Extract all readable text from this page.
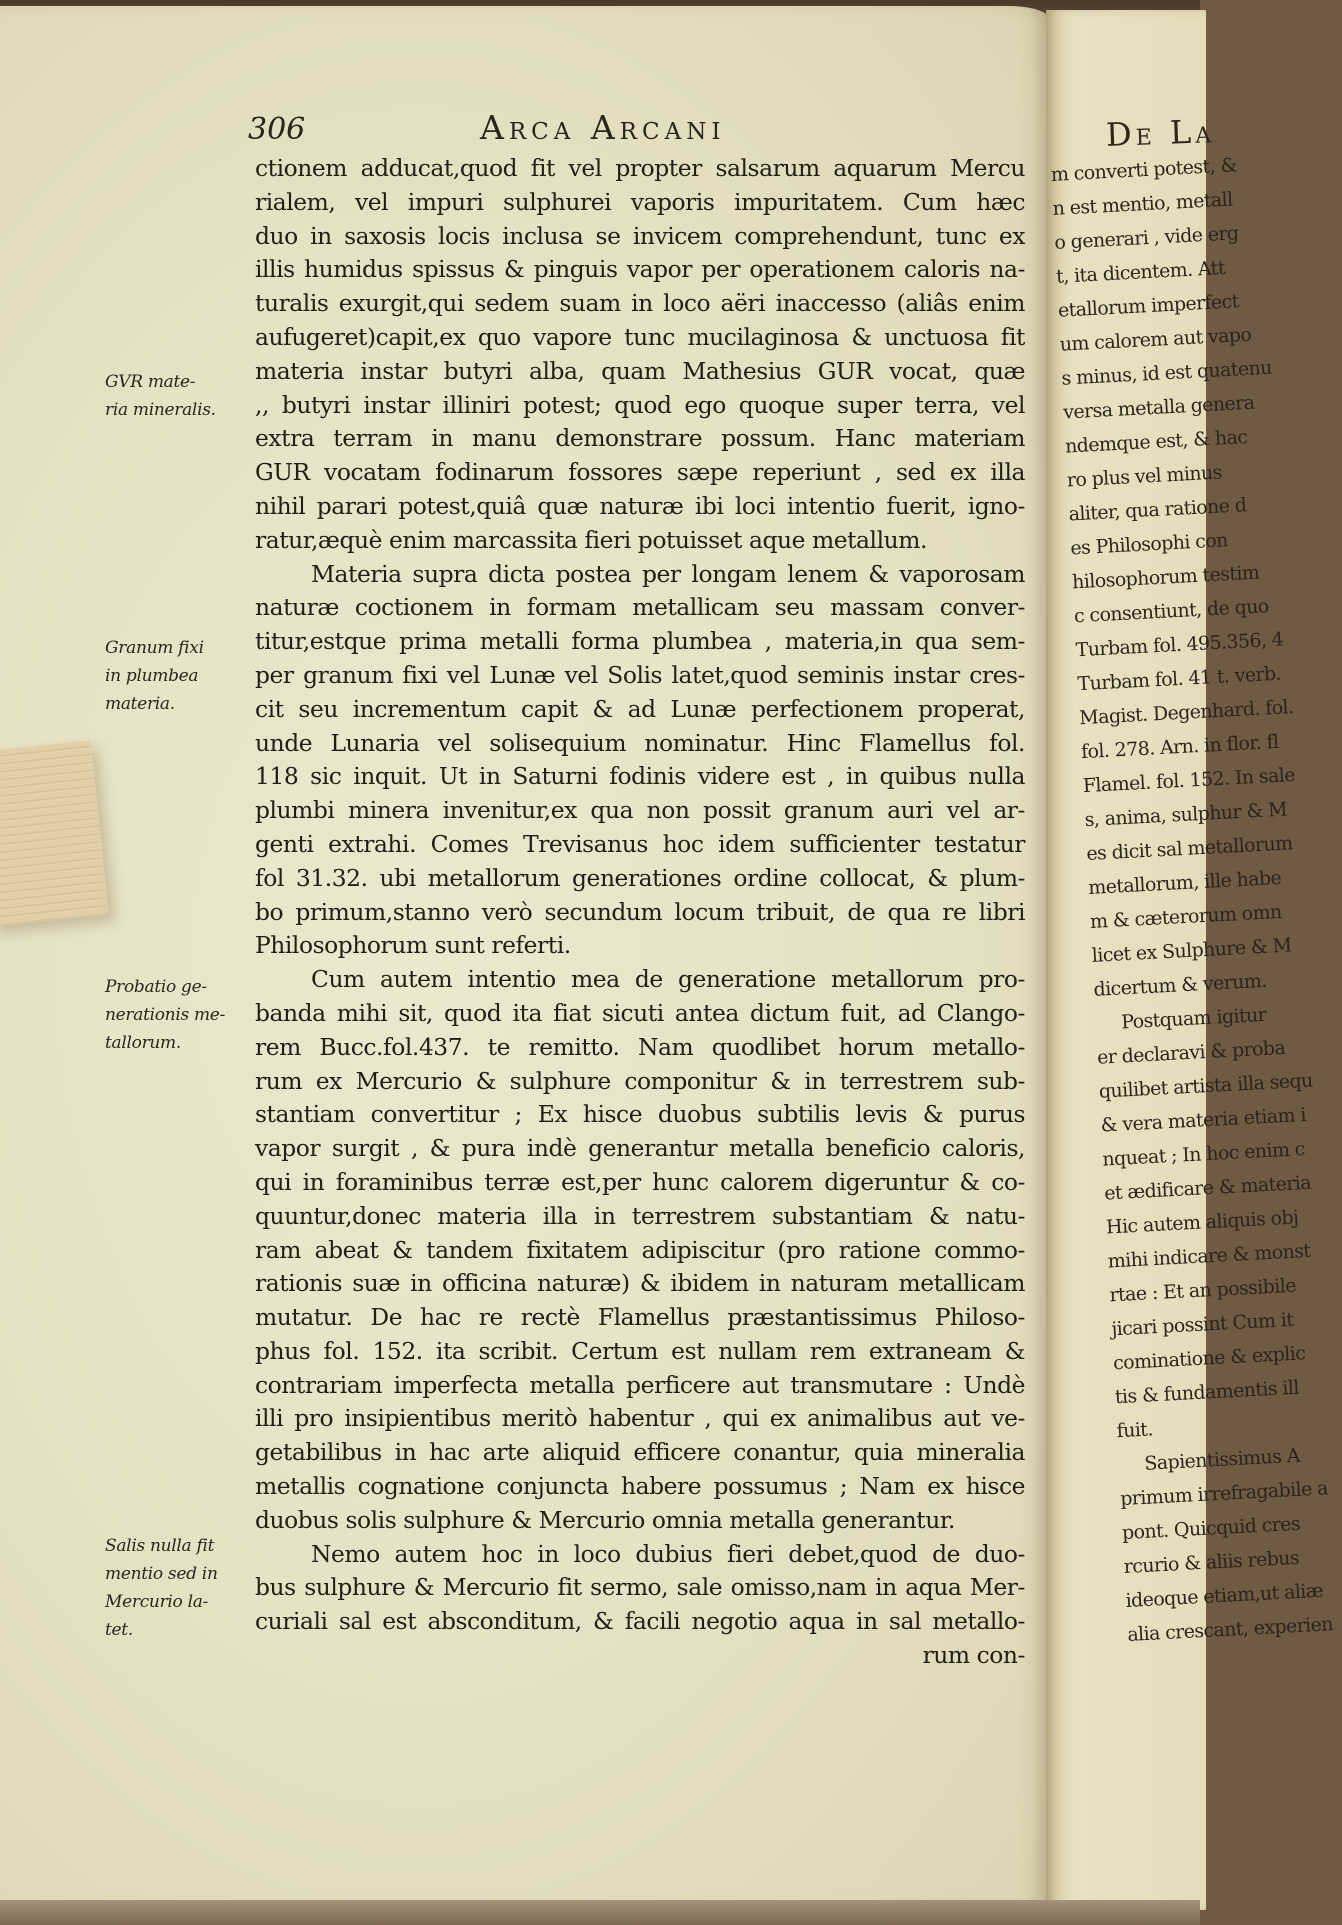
306	Arca Arcani
GVR mate-
ria mineralis.
Granum fixi
in plumbea
materia.
Probatio ge-
nerationis me-
tallorum.
Salis nulla fit
mentio sed in
Mercurio la-
tet.
ctionem adducat,quod fit vel propter salsarum aquarum Mercu
rialem, vel impuri sulphurei vaporis impuritatem. Cum hæc
duo in saxosis locis inclusa se invicem comprehendunt, tunc ex
illis humidus spissus & pinguis vapor per operationem caloris na-
turalis exurgit,qui sedem suam in loco aëri inaccesso (aliâs enim
aufugeret)capit,ex quo vapore tunc mucilaginosa & unctuosa fit
materia instar butyri alba, quam Mathesius GUR vocat, quæ
,, butyri instar illiniri potest; quod ego quoque super terra, vel
extra terram in manu demonstrare possum. Hanc materiam
GUR vocatam fodinarum fossores sæpe reperiunt , sed ex illa
nihil parari potest,quiâ quæ naturæ ibi loci intentio fuerit, igno-
ratur,æquè enim marcassita fieri potuisset aque metallum.
Materia supra dicta postea per longam lenem & vaporosam
naturæ coctionem in formam metallicam seu massam conver-
titur,estque prima metalli forma plumbea , materia,in qua sem-
per granum fixi vel Lunæ vel Solis latet,quod seminis instar cres-
cit seu incrementum capit & ad Lunæ perfectionem properat,
unde Lunaria vel solisequium nominatur. Hinc Flamellus fol.
118 sic inquit. Ut in Saturni fodinis videre est , in quibus nulla
plumbi minera invenitur,ex qua non possit granum auri vel ar-
genti extrahi. Comes Trevisanus hoc idem sufficienter testatur
fol 31.32. ubi metallorum generationes ordine collocat, & plum-
bo primum,stanno verò secundum locum tribuit, de qua re libri
Philosophorum sunt referti.
Cum autem intentio mea de generatione metallorum pro-
banda mihi sit, quod ita fiat sicuti antea dictum fuit, ad Clango-
rem Bucc.fol.437. te remitto. Nam quodlibet horum metallo-
rum ex Mercurio & sulphure componitur & in terrestrem sub-
stantiam convertitur ; Ex hisce duobus subtilis levis & purus
vapor surgit , & pura indè generantur metalla beneficio caloris,
qui in foraminibus terræ est,per hunc calorem digeruntur & co-
quuntur,donec materia illa in terrestrem substantiam & natu-
ram abeat & tandem fixitatem adipiscitur (pro ratione commo-
rationis suæ in officina naturæ) & ibidem in naturam metallicam
mutatur. De hac re rectè Flamellus præstantissimus Philoso-
phus fol. 152. ita scribit. Certum est nullam rem extraneam &
contrariam imperfecta metalla perficere aut transmutare : Undè
illi pro insipientibus meritò habentur , qui ex animalibus aut ve-
getabilibus in hac arte aliquid efficere conantur, quia mineralia
metallis cognatione conjuncta habere possumus ; Nam ex hisce
duobus solis sulphure & Mercurio omnia metalla generantur.
Nemo autem hoc in loco dubius fieri debet,quod de duo-
bus sulphure & Mercurio fit sermo, sale omisso,nam in aqua Mer-
curiali sal est absconditum, & facili negotio aqua in sal metallo-
rum con-
De La
m converti potest, &
n est mentio, metall
o generari , vide erg
t, ita dicentem. Att
etallorum imperfect
um calorem aut vapo
s minus, id est quatenu
versa metalla genera
ndemque est, & hac
ro plus vel minus
aliter, qua ratione d
es Philosophi con
hilosophorum testim
c consentiunt, de quo
Turbam fol. 495.356, 4
Turbam fol. 41 t. verb.
Magist. Degenhard. fol.
fol. 278. Arn. in flor. fl
Flamel. fol. 152. In sale
s, anima, sulphur & M
es dicit sal metallorum
metallorum, ille habe
m & cæterorum omn
licet ex Sulphure & M
dicertum & verum.
Postquam igitur
er declaravi & proba
quilibet artista illa sequ
& vera materia etiam i
nqueat ; In hoc enim c
et ædificare & materia
Hic autem aliquis obj
mihi indicare & monst
rtae : Et an possibile
jicari possint Cum it
cominatione & explic
tis & fundamentis ill
fuit.
Sapientissimus A
primum irrefragabile a
pont. Quicquid cres
rcurio & aliis rebus
ideoque etiam,ut aliæ
alia crescant, experien
